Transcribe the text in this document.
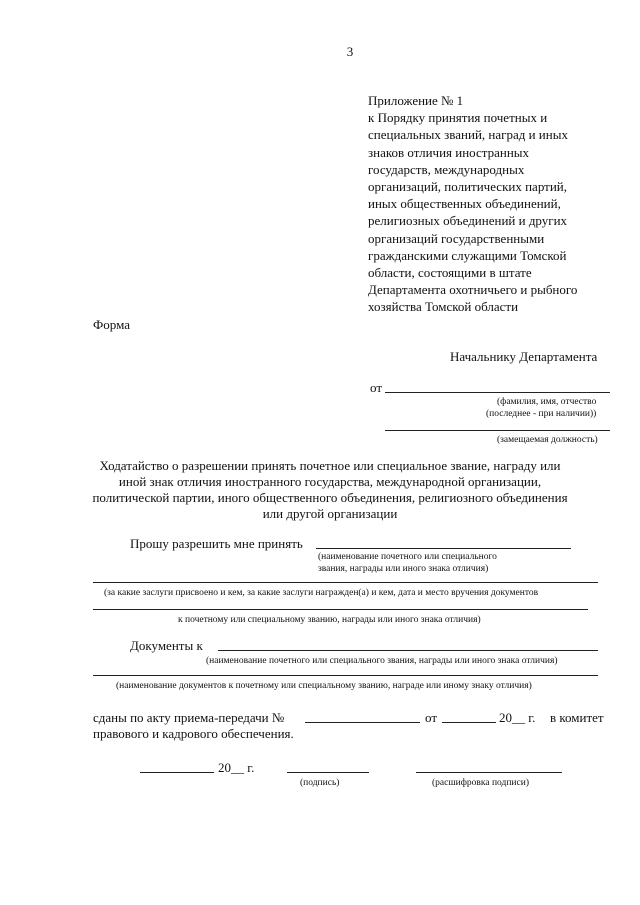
3
Приложение № 1
к Порядку принятия почетных и
специальных званий, наград и иных
знаков отличия иностранных
государств, международных
организаций, политических партий,
иных общественных объединений,
религиозных объединений и других
организаций государственными
гражданскими служащими Томской
области, состоящими в штате
Департамента охотничьего и рыбного
хозяйства Томской области
Форма
Начальнику Департамента
от
(фамилия, имя, отчество
(последнее - при наличии))
(замещаемая должность)
Ходатайство о разрешении принять почетное или специальное звание, награду или
иной знак отличия иностранного государства, международной организации,
политической партии, иного общественного объединения, религиозного объединения
или другой организации
Прошу разрешить мне принять
(наименование почетного или специального
звания, награды или иного знака отличия)
(за какие заслуги присвоено и кем, за какие заслуги награжден(а) и кем, дата и место вручения документов
к почетному или специальному званию, награды или иного знака отличия)
Документы к
(наименование почетного или специального звания, награды или иного знака отличия)
(наименование документов к почетному или специальному званию, награде или иному знаку отличия)
сданы по акту приема-передачи №	от	20__ г. в комитет
правового и кадрового обеспечения.
20__ г.
(подпись)	(расшифровка подписи)
